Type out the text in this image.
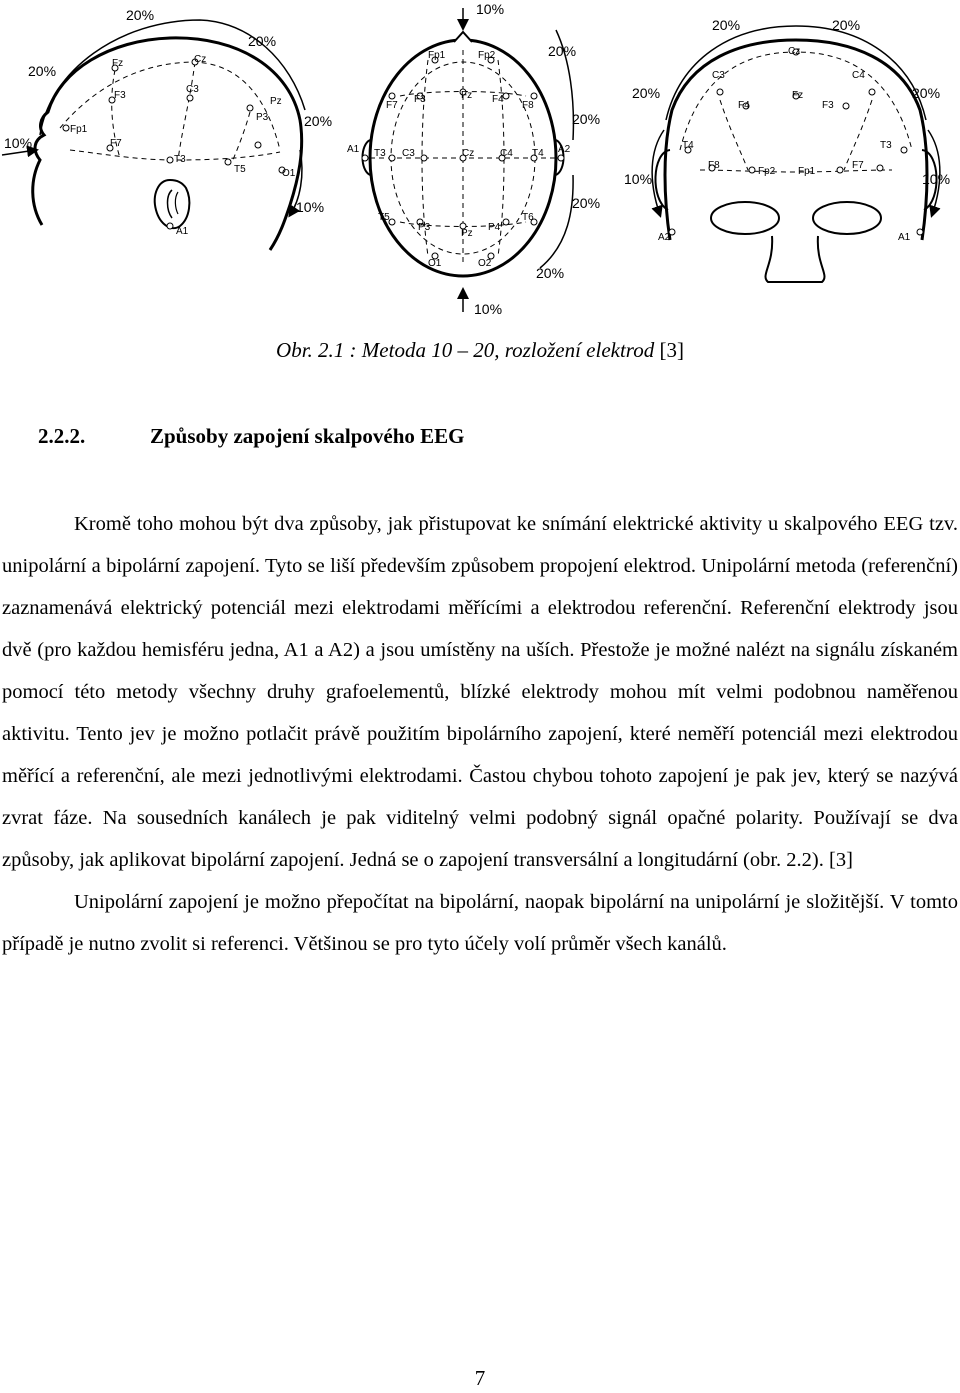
20%
20%
20%
20%
10%
10%
Fz	Cz
F3
C3
Pz
P3
Fp1
F7
T3
T5	O1
A1
10%
20%
20%
20%
20%
10%
Fp1	Fp2
F7
F3	Fz F4
F8
A1 T3 C3	Cz	C4 T4 A2
T5
P3
Pz
P4
T6
O1	O2
20%	20%
20%	20%
10%	10%
Cz
C3	C4
F4
Fz
F3
T4	T3
F8
Fp2 Fp1
F7
A2	A1
Obr. 2.1 : Metoda 10 – 20, rozložení elektrod [3]
2.2.2.	Způsoby zapojení skalpového EEG

Kromě toho mohou být dva způsoby, jak přistupovat ke snímání elektrické aktivity u skalpového EEG tzv. unipolární a bipolární zapojení. Tyto se liší především způsobem propojení elektrod. Unipolární metoda (referenční) zaznamenává elektrický potenciál mezi elektrodami měřícími a elektrodou referenční. Referenční elektrody jsou dvě (pro každou hemisféru jedna, A1 a A2) a jsou umístěny na uších. Přestože je možné nalézt na signálu získaném pomocí této metody všechny druhy grafoelementů, blízké elektrody mohou mít velmi podobnou naměřenou aktivitu. Tento jev je možno potlačit právě použitím bipolárního zapojení, které neměří potenciál mezi elektrodou měřící a referenční, ale mezi jednotlivými elektrodami. Častou chybou tohoto zapojení je pak jev, který se nazývá zvrat fáze. Na sousedních kanálech je pak viditelný velmi podobný signál opačné polarity. Používají se dva způsoby, jak aplikovat bipolární zapojení. Jedná se o zapojení transversální a longitudární (obr. 2.2). [3]

Unipolární zapojení je možno přepočítat na bipolární, naopak bipolární na unipolární je složitější. V tomto případě je nutno zvolit si referenci. Většinou se pro tyto účely volí průměr všech kanálů.

7
